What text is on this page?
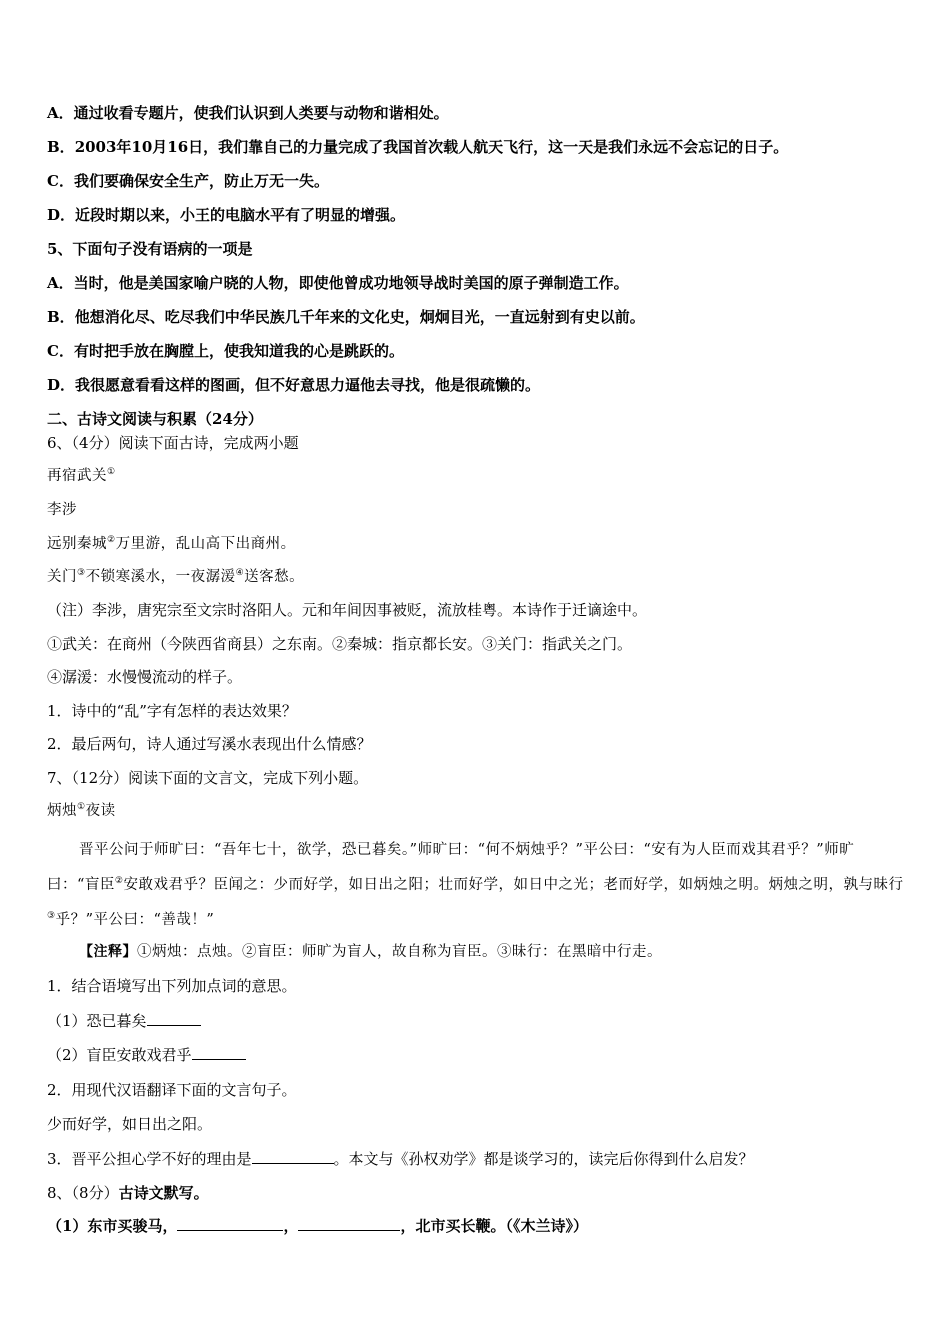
A．通过收看专题片，使我们认识到人类要与动物和谐相处。
B．2003年10月16日，我们靠自己的力量完成了我国首次载人航天飞行，这一天是我们永远不会忘记的日子。
C．我们要确保安全生产，防止万无一失。
D．近段时期以来，小王的电脑水平有了明显的增强。
5、下面句子没有语病的一项是
A．当时，他是美国家喻户晓的人物，即使他曾成功地领导战时美国的原子弹制造工作。
B．他想消化尽、吃尽我们中华民族几千年来的文化史，炯炯目光，一直远射到有史以前。
C．有时把手放在胸膛上，使我知道我的心是跳跃的。
D．我很愿意看看这样的图画，但不好意思力逼他去寻找，他是很疏懒的。
二、古诗文阅读与积累（24分）
6、（4分）阅读下面古诗，完成两小题
再宿武关①
李涉
远别秦城②万里游，乱山高下出商州。
关门③不锁寒溪水，一夜潺湲④送客愁。
（注）李涉，唐宪宗至文宗时洛阳人。元和年间因事被贬，流放桂粤。本诗作于迁谪途中。
①武关：在商州（今陕西省商县）之东南。②秦城：指京都长安。③关门：指武关之门。
④潺湲：水慢慢流动的样子。
1．诗中的“乱”字有怎样的表达效果？
2．最后两句，诗人通过写溪水表现出什么情感？
7、（12分）阅读下面的文言文，完成下列小题。
炳烛①夜读
晋平公问于师旷曰：“吾年七十，欲学，恐已暮矣。”师旷曰：“何不炳烛乎？”平公曰：“安有为人臣而戏其君乎？”师旷曰：“盲臣②安敢戏君乎？臣闻之：少而好学，如日出之阳；壮而好学，如日中之光；老而好学，如炳烛之明。炳烛之明，孰与昧行③乎？”平公曰：“善哉！”
【注释】①炳烛：点烛。②盲臣：师旷为盲人，故自称为盲臣。③昧行：在黑暗中行走。
1．结合语境写出下列加点词的意思。
（1）恐已暮矣
（2）盲臣安敢戏君乎
2．用现代汉语翻译下面的文言句子。
少而好学，如日出之阳。
3．晋平公担心学不好的理由是	。本文与《孙权劝学》都是谈学习的，读完后你得到什么启发？
8、（8分）古诗文默写。
（1）东市买骏马，	，	，北市买长鞭。（《木兰诗》）
